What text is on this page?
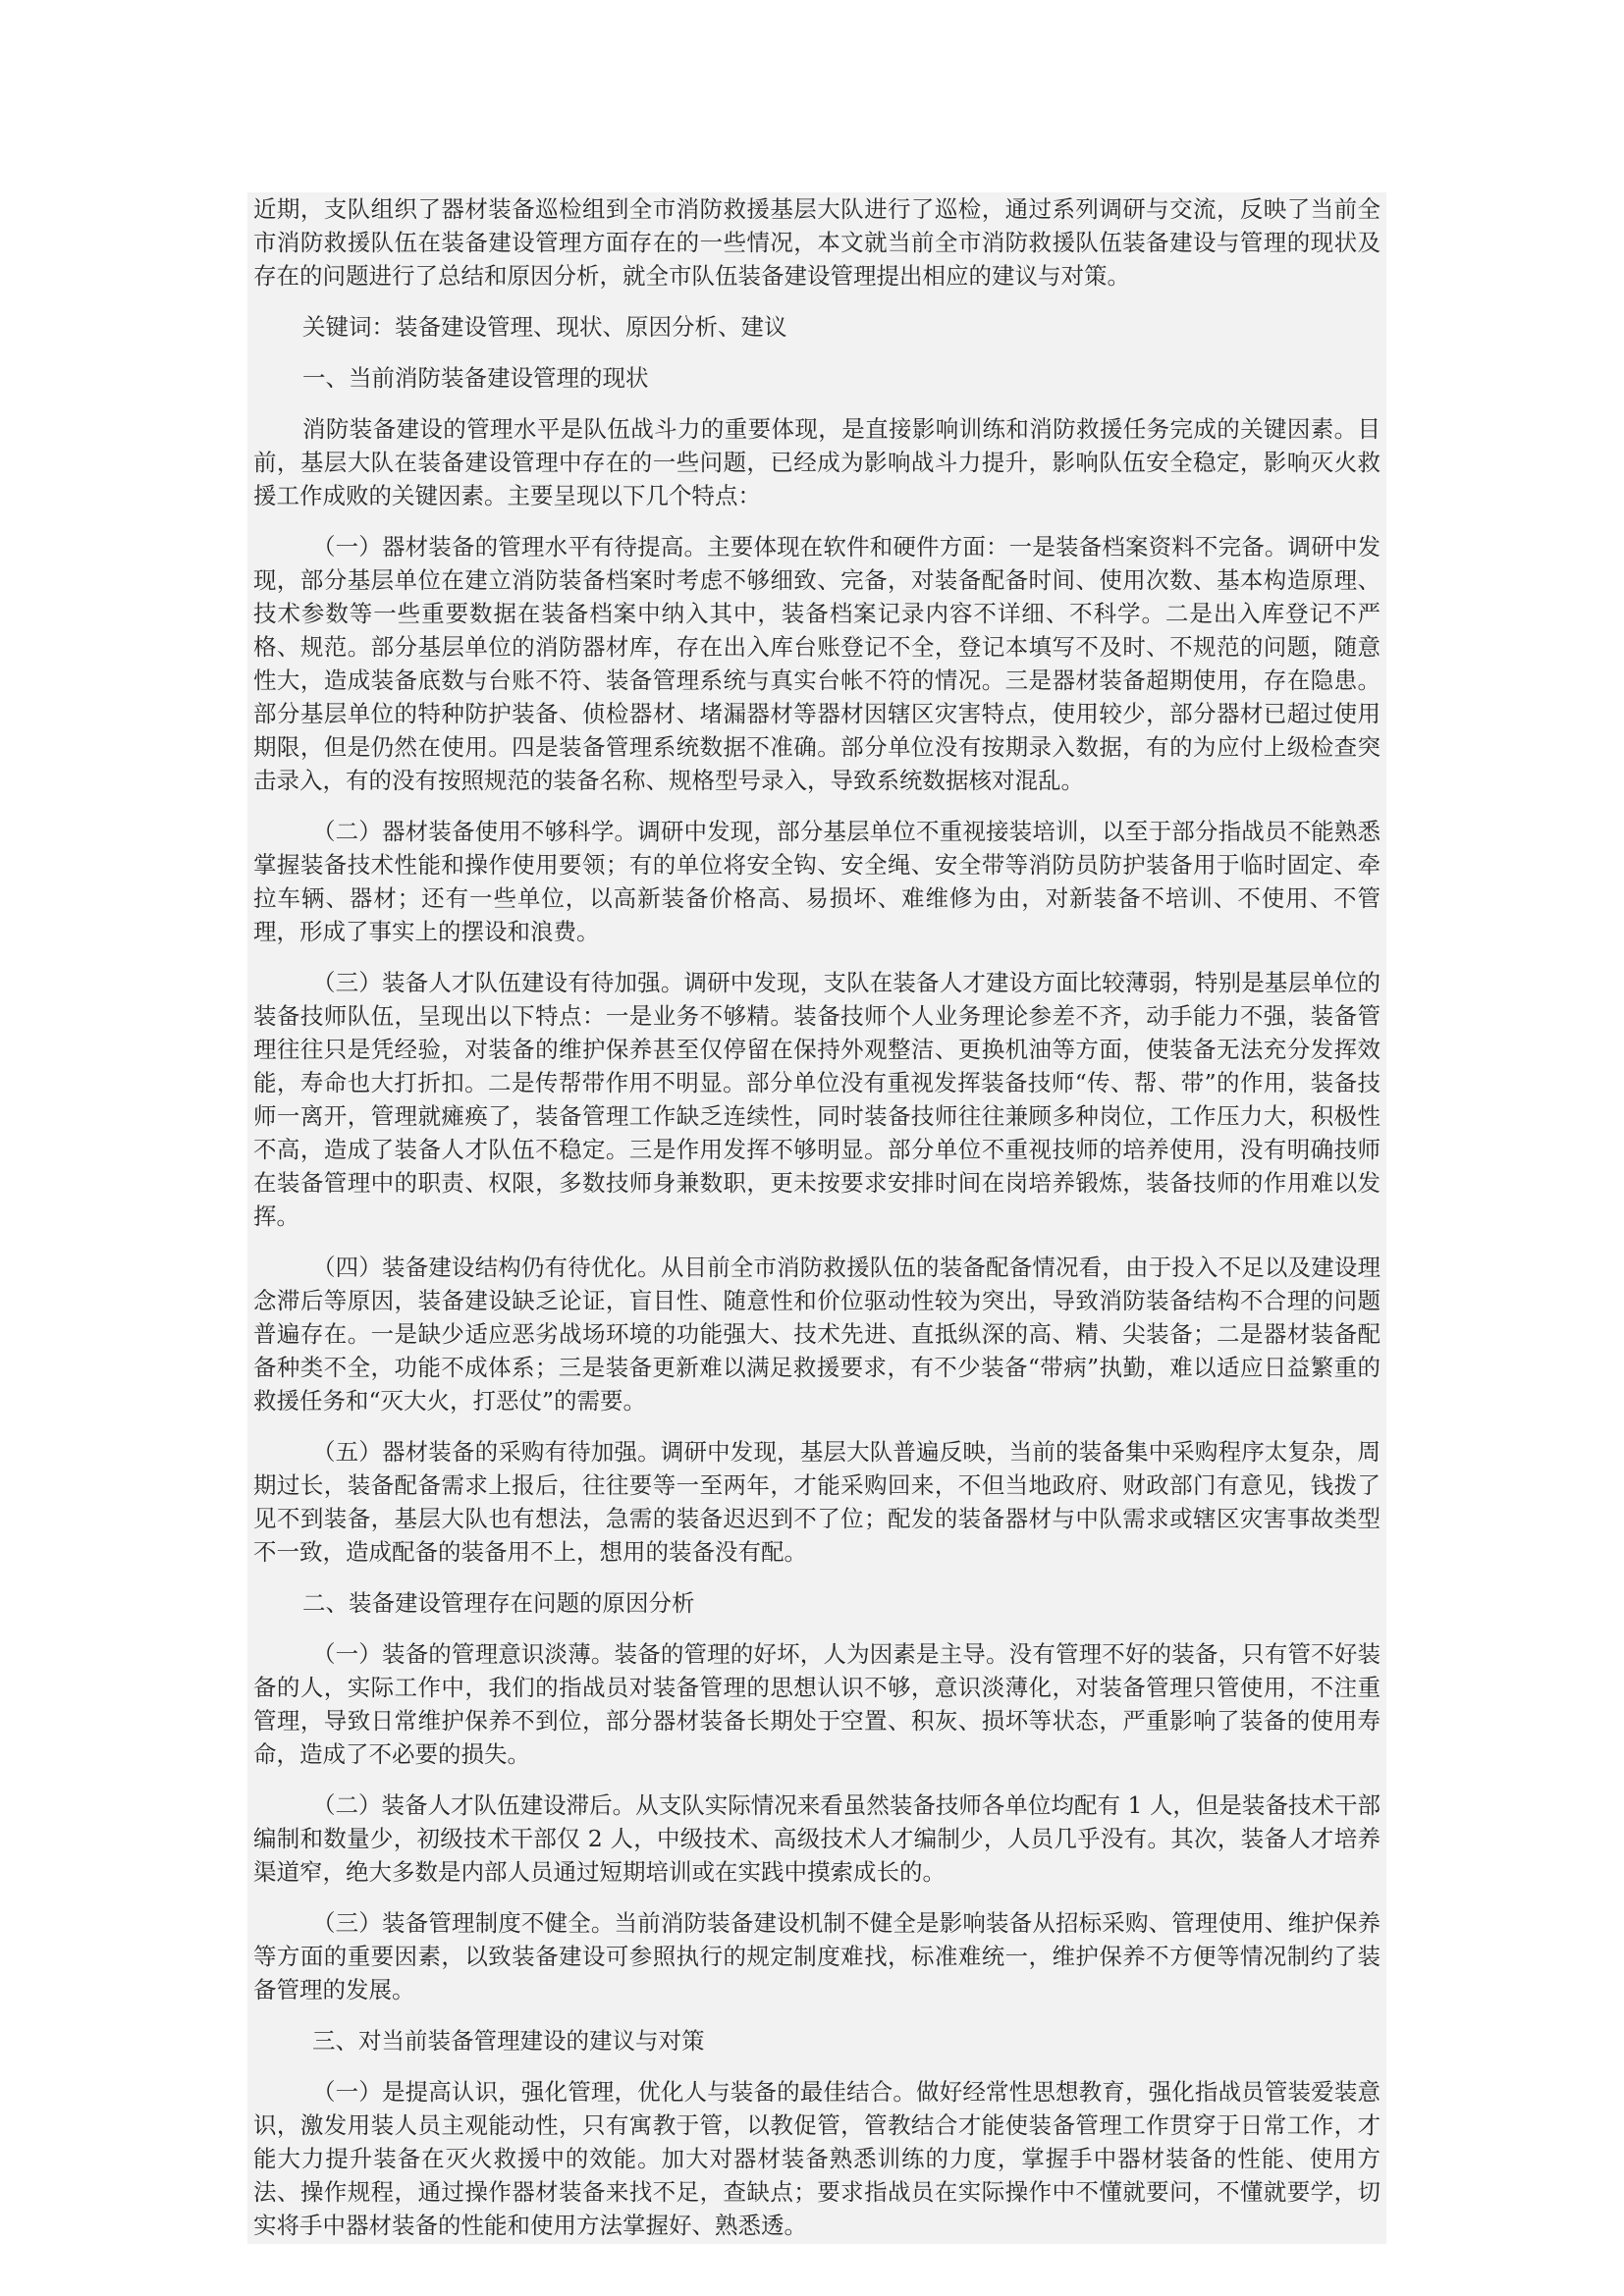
近期，支队组织了器材装备巡检组到全市消防救援基层大队进行了巡检，通过系列调研与交流，反映了当前全市消防救援队伍在装备建设管理方面存在的一些情况，本文就当前全市消防救援队伍装备建设与管理的现状及存在的问题进行了总结和原因分析，就全市队伍装备建设管理提出相应的建议与对策。

关键词：装备建设管理、现状、原因分析、建议

一、当前消防装备建设管理的现状

消防装备建设的管理水平是队伍战斗力的重要体现，是直接影响训练和消防救援任务完成的关键因素。目前，基层大队在装备建设管理中存在的一些问题，已经成为影响战斗力提升，影响队伍安全稳定，影响灭火救援工作成败的关键因素。主要呈现以下几个特点：

（一）器材装备的管理水平有待提高。主要体现在软件和硬件方面：一是装备档案资料不完备。调研中发现，部分基层单位在建立消防装备档案时考虑不够细致、完备，对装备配备时间、使用次数、基本构造原理、技术参数等一些重要数据在装备档案中纳入其中，装备档案记录内容不详细、不科学。二是出入库登记不严格、规范。部分基层单位的消防器材库，存在出入库台账登记不全，登记本填写不及时、不规范的问题，随意性大，造成装备底数与台账不符、装备管理系统与真实台帐不符的情况。三是器材装备超期使用，存在隐患。部分基层单位的特种防护装备、侦检器材、堵漏器材等器材因辖区灾害特点，使用较少，部分器材已超过使用期限，但是仍然在使用。四是装备管理系统数据不准确。部分单位没有按期录入数据，有的为应付上级检查突击录入，有的没有按照规范的装备名称、规格型号录入，导致系统数据核对混乱。

（二）器材装备使用不够科学。调研中发现，部分基层单位不重视接装培训，以至于部分指战员不能熟悉掌握装备技术性能和操作使用要领；有的单位将安全钩、安全绳、安全带等消防员防护装备用于临时固定、牵拉车辆、器材；还有一些单位，以高新装备价格高、易损坏、难维修为由，对新装备不培训、不使用、不管理，形成了事实上的摆设和浪费。

（三）装备人才队伍建设有待加强。调研中发现，支队在装备人才建设方面比较薄弱，特别是基层单位的装备技师队伍，呈现出以下特点：一是业务不够精。装备技师个人业务理论参差不齐，动手能力不强，装备管理往往只是凭经验，对装备的维护保养甚至仅停留在保持外观整洁、更换机油等方面，使装备无法充分发挥效能，寿命也大打折扣。二是传帮带作用不明显。部分单位没有重视发挥装备技师“传、帮、带”的作用，装备技师一离开，管理就瘫痪了，装备管理工作缺乏连续性，同时装备技师往往兼顾多种岗位，工作压力大，积极性不高，造成了装备人才队伍不稳定。三是作用发挥不够明显。部分单位不重视技师的培养使用，没有明确技师在装备管理中的职责、权限，多数技师身兼数职，更未按要求安排时间在岗培养锻炼，装备技师的作用难以发挥。

（四）装备建设结构仍有待优化。从目前全市消防救援队伍的装备配备情况看，由于投入不足以及建设理念滞后等原因，装备建设缺乏论证，盲目性、随意性和价位驱动性较为突出，导致消防装备结构不合理的问题普遍存在。一是缺少适应恶劣战场环境的功能强大、技术先进、直抵纵深的高、精、尖装备；二是器材装备配备种类不全，功能不成体系；三是装备更新难以满足救援要求，有不少装备“带病”执勤，难以适应日益繁重的救援任务和“灭大火，打恶仗”的需要。

（五）器材装备的采购有待加强。调研中发现，基层大队普遍反映，当前的装备集中采购程序太复杂，周期过长，装备配备需求上报后，往往要等一至两年，才能采购回来，不但当地政府、财政部门有意见，钱拨了见不到装备，基层大队也有想法，急需的装备迟迟到不了位；配发的装备器材与中队需求或辖区灾害事故类型不一致，造成配备的装备用不上，想用的装备没有配。

二、装备建设管理存在问题的原因分析

（一）装备的管理意识淡薄。装备的管理的好坏，人为因素是主导。没有管理不好的装备，只有管不好装备的人，实际工作中，我们的指战员对装备管理的思想认识不够，意识淡薄化，对装备管理只管使用，不注重管理，导致日常维护保养不到位，部分器材装备长期处于空置、积灰、损坏等状态，严重影响了装备的使用寿命，造成了不必要的损失。

（二）装备人才队伍建设滞后。从支队实际情况来看虽然装备技师各单位均配有 1 人，但是装备技术干部编制和数量少，初级技术干部仅 2 人，中级技术、高级技术人才编制少，人员几乎没有。其次，装备人才培养渠道窄，绝大多数是内部人员通过短期培训或在实践中摸索成长的。

（三）装备管理制度不健全。当前消防装备建设机制不健全是影响装备从招标采购、管理使用、维护保养等方面的重要因素，以致装备建设可参照执行的规定制度难找，标准难统一，维护保养不方便等情况制约了装备管理的发展。

三、对当前装备管理建设的建议与对策

（一）是提高认识，强化管理，优化人与装备的最佳结合。做好经常性思想教育，强化指战员管装爱装意识，激发用装人员主观能动性，只有寓教于管，以教促管，管教结合才能使装备管理工作贯穿于日常工作，才能大力提升装备在灭火救援中的效能。加大对器材装备熟悉训练的力度，掌握手中器材装备的性能、使用方法、操作规程，通过操作器材装备来找不足，查缺点；要求指战员在实际操作中不懂就要问，不懂就要学，切实将手中器材装备的性能和使用方法掌握好、熟悉透。
